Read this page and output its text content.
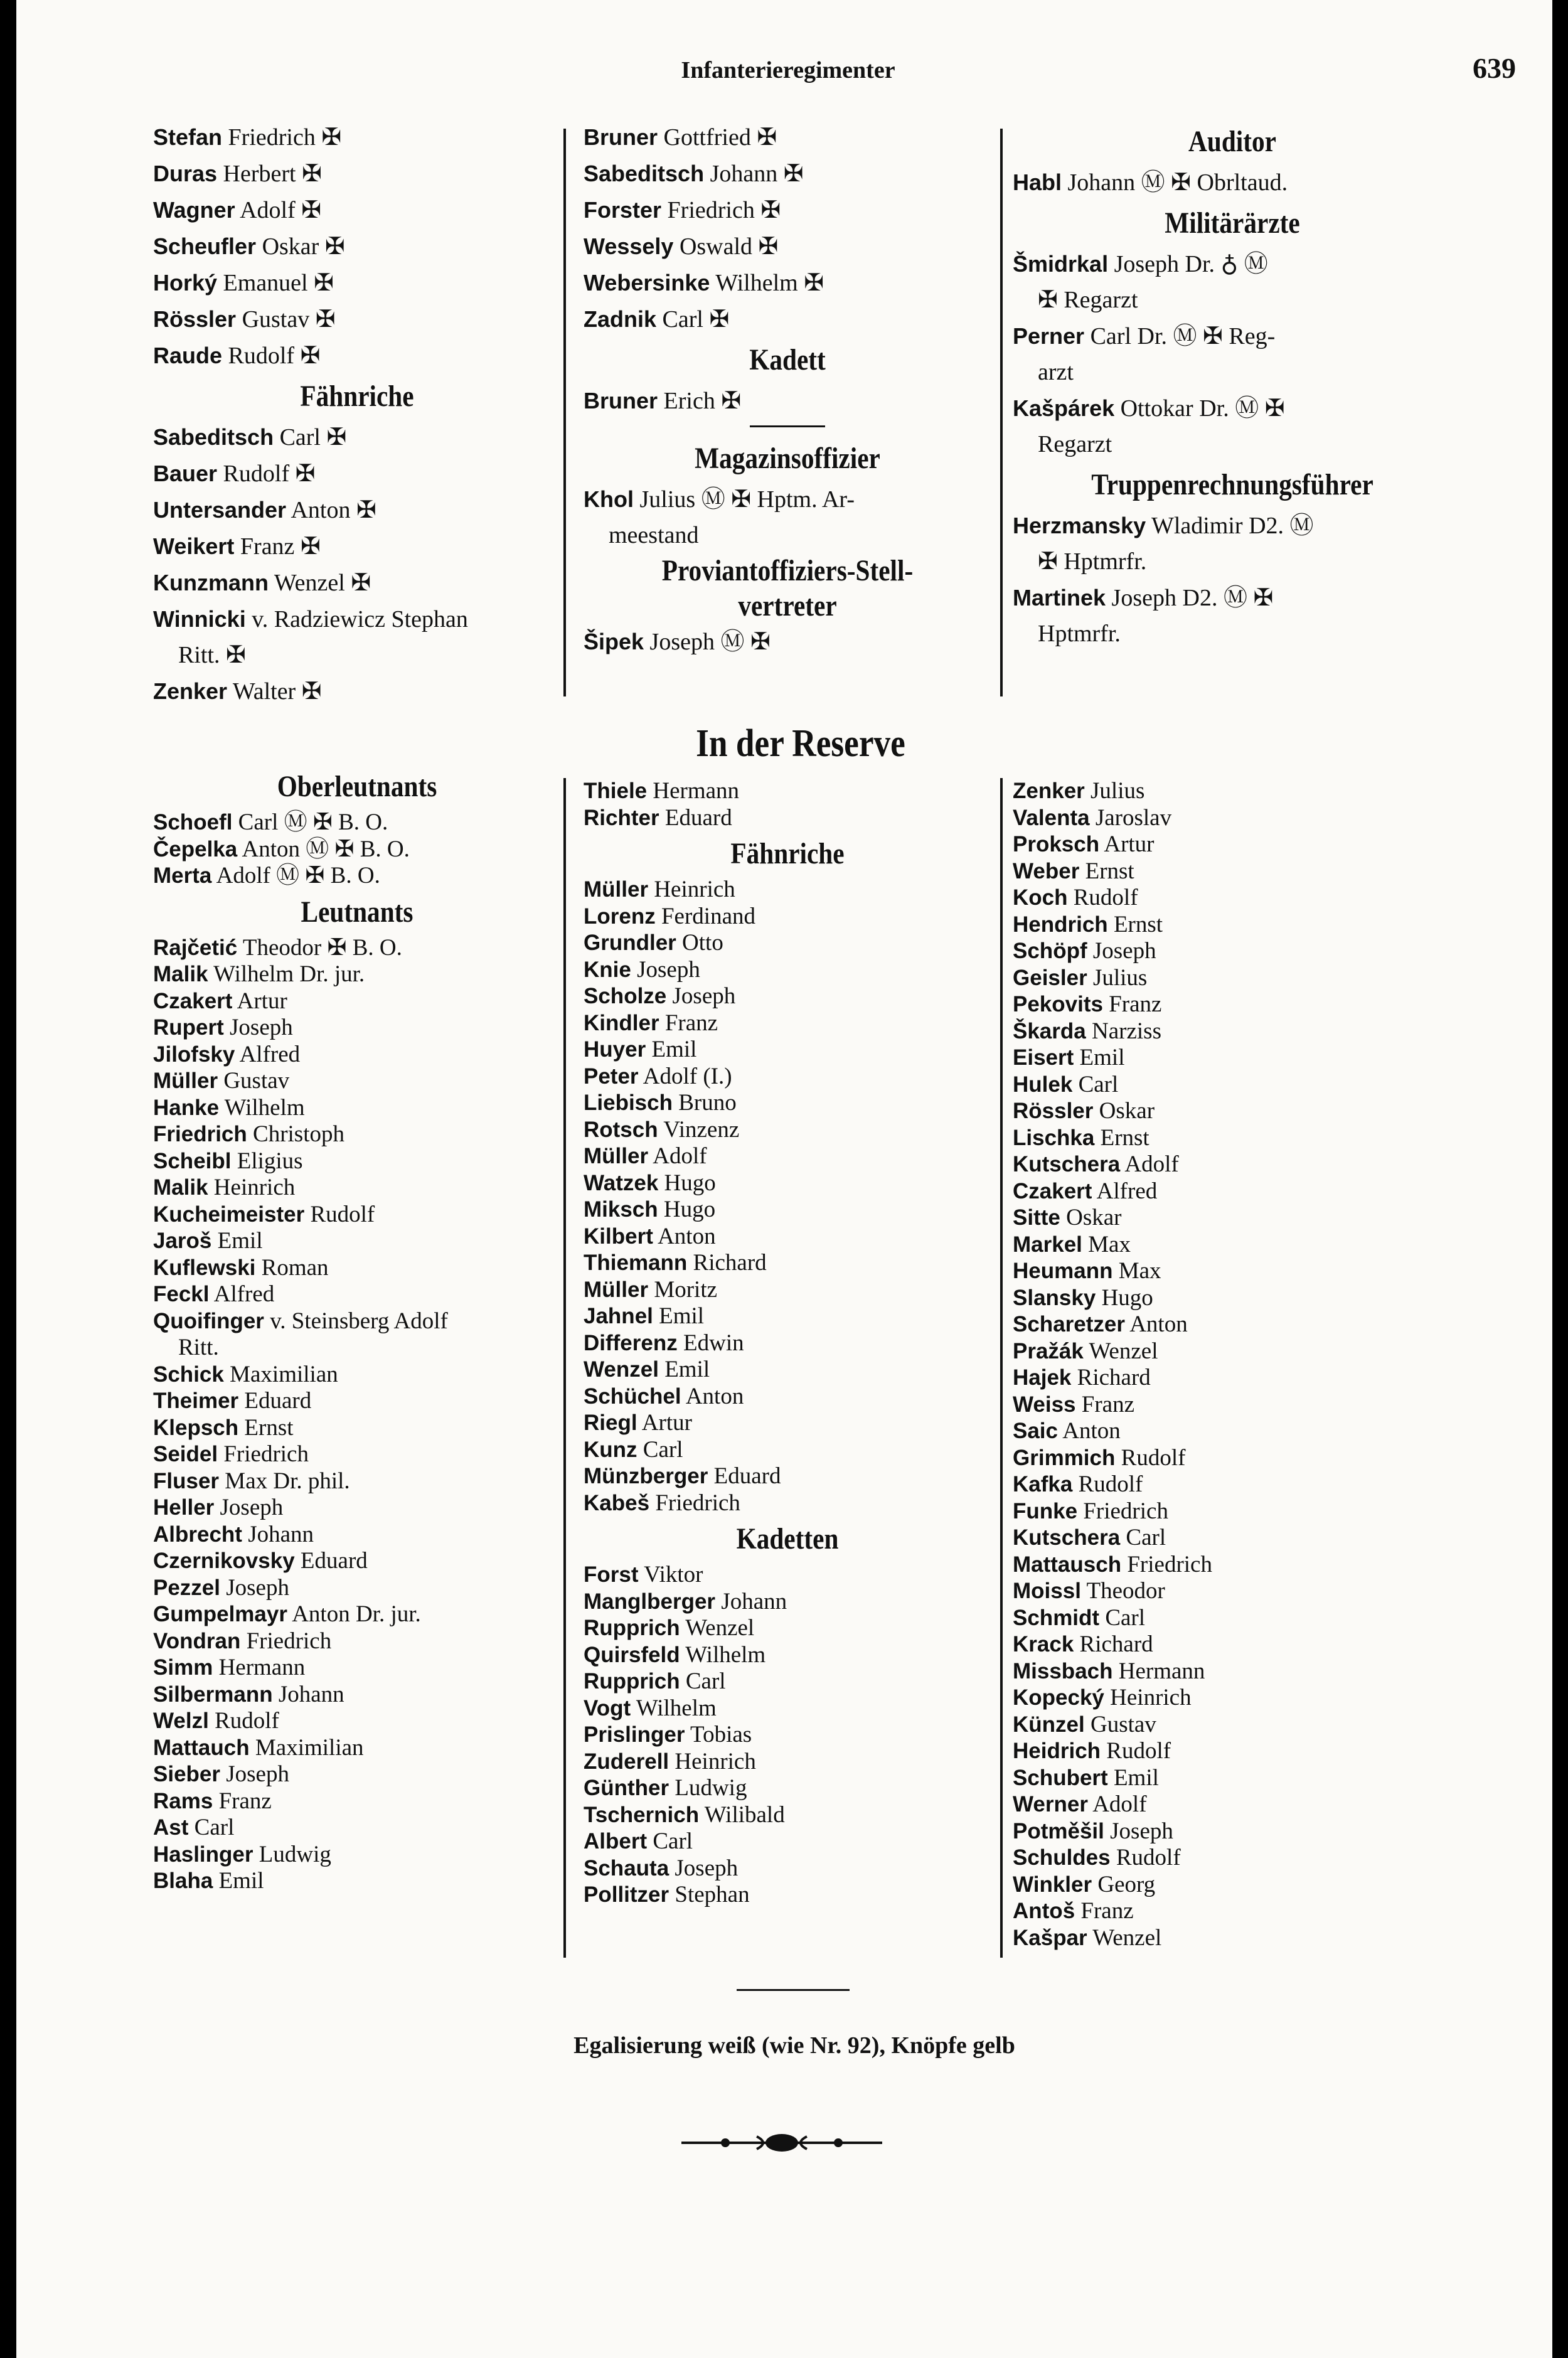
Infanterieregimenter	639
Stefan Friedrich ✠
Duras Herbert ✠
Wagner Adolf ✠
Scheufler Oskar ✠
Horký Emanuel ✠
Rössler Gustav ✠
Raude Rudolf ✠
Fähnriche
Sabeditsch Carl ✠
Bauer Rudolf ✠
Untersander Anton ✠
Weikert Franz ✠
Kunzmann Wenzel ✠
Winnicki v. Radziewicz Stephan
Ritt. ✠
Zenker Walter ✠
Bruner Gottfried ✠
Sabeditsch Johann ✠
Forster Friedrich ✠
Wessely Oswald ✠
Webersinke Wilhelm ✠
Zadnik Carl ✠
Kadett
Bruner Erich ✠
Magazinsoffizier
Khol Julius Ⓜ ✠ Hptm. Ar-
meestand
Proviantoffiziers-Stell-
vertreter
Šipek Joseph Ⓜ ✠
Auditor
Habl Johann Ⓜ ✠ Obrltaud.
Militärärzte
Šmidrkal Joseph Dr. ♁ Ⓜ
✠ Regarzt
Perner Carl Dr. Ⓜ ✠ Reg-
arzt
Kašpárek Ottokar Dr. Ⓜ ✠
Regarzt
Truppenrechnungsführer
Herzmansky Wladimir D2. Ⓜ
✠ Hptmrfr.
Martinek Joseph D2. Ⓜ ✠
Hptmrfr.
In der Reserve
Oberleutnants
Schoefl Carl Ⓜ ✠ B. O.
Čepelka Anton Ⓜ ✠ B. O.
Merta Adolf Ⓜ ✠ B. O.
Leutnants
Rajčetić Theodor ✠ B. O.
Malik Wilhelm Dr. jur.
Czakert Artur
Rupert Joseph
Jilofsky Alfred
Müller Gustav
Hanke Wilhelm
Friedrich Christoph
Scheibl Eligius
Malik Heinrich
Kucheimeister Rudolf
Jaroš Emil
Kuflewski Roman
Feckl Alfred
Quoifinger v. Steinsberg Adolf
Ritt.
Schick Maximilian
Theimer Eduard
Klepsch Ernst
Seidel Friedrich
Fluser Max Dr. phil.
Heller Joseph
Albrecht Johann
Czernikovsky Eduard
Pezzel Joseph
Gumpelmayr Anton Dr. jur.
Vondran Friedrich
Simm Hermann
Silbermann Johann
Welzl Rudolf
Mattauch Maximilian
Sieber Joseph
Rams Franz
Ast Carl
Haslinger Ludwig
Blaha Emil
Thiele Hermann
Richter Eduard
Fähnriche
Müller Heinrich
Lorenz Ferdinand
Grundler Otto
Knie Joseph
Scholze Joseph
Kindler Franz
Huyer Emil
Peter Adolf (I.)
Liebisch Bruno
Rotsch Vinzenz
Müller Adolf
Watzek Hugo
Miksch Hugo
Kilbert Anton
Thiemann Richard
Müller Moritz
Jahnel Emil
Differenz Edwin
Wenzel Emil
Schüchel Anton
Riegl Artur
Kunz Carl
Münzberger Eduard
Kabeš Friedrich
Kadetten
Forst Viktor
Manglberger Johann
Rupprich Wenzel
Quirsfeld Wilhelm
Rupprich Carl
Vogt Wilhelm
Prislinger Tobias
Zuderell Heinrich
Günther Ludwig
Tschernich Wilibald
Albert Carl
Schauta Joseph
Pollitzer Stephan
Zenker Julius
Valenta Jaroslav
Proksch Artur
Weber Ernst
Koch Rudolf
Hendrich Ernst
Schöpf Joseph
Geisler Julius
Pekovits Franz
Škarda Narziss
Eisert Emil
Hulek Carl
Rössler Oskar
Lischka Ernst
Kutschera Adolf
Czakert Alfred
Sitte Oskar
Markel Max
Heumann Max
Slansky Hugo
Scharetzer Anton
Pražák Wenzel
Hajek Richard
Weiss Franz
Saic Anton
Grimmich Rudolf
Kafka Rudolf
Funke Friedrich
Kutschera Carl
Mattausch Friedrich
Moissl Theodor
Schmidt Carl
Krack Richard
Missbach Hermann
Kopecký Heinrich
Künzel Gustav
Heidrich Rudolf
Schubert Emil
Werner Adolf
Potměšil Joseph
Schuldes Rudolf
Winkler Georg
Antoš Franz
Kašpar Wenzel
Egalisierung weiß (wie Nr. 92), Knöpfe gelb
